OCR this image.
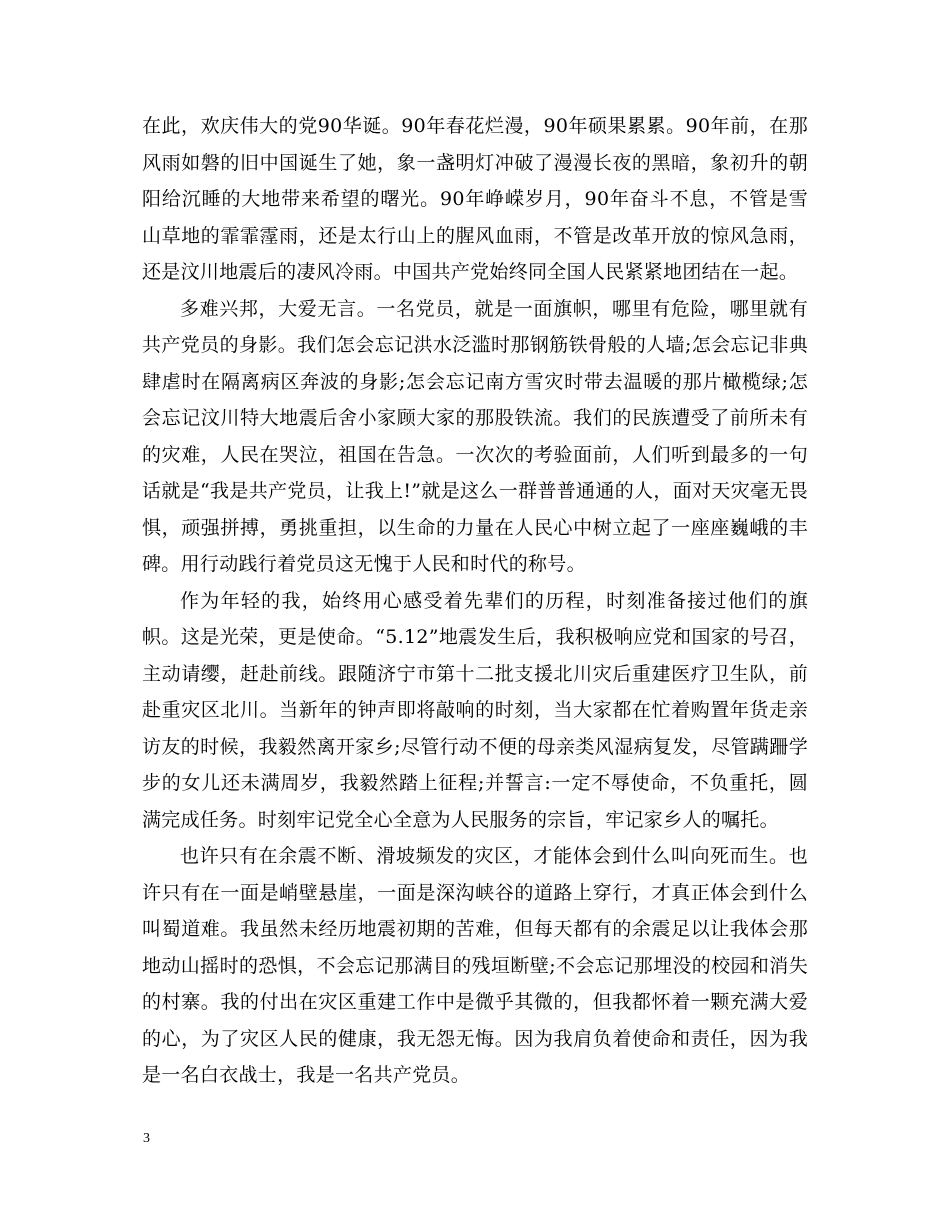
在此，欢庆伟大的党90华诞。90年春花烂漫，90年硕果累累。90年前，在那风雨如磐的旧中国诞生了她，象一盏明灯冲破了漫漫长夜的黑暗，象初升的朝阳给沉睡的大地带来希望的曙光。90年峥嵘岁月，90年奋斗不息，不管是雪山草地的霏霏霪雨，还是太行山上的腥风血雨，不管是改革开放的惊风急雨，还是汶川地震后的凄风冷雨。中国共产党始终同全国人民紧紧地团结在一起。

多难兴邦，大爱无言。一名党员，就是一面旗帜，哪里有危险，哪里就有共产党员的身影。我们怎会忘记洪水泛滥时那钢筋铁骨般的人墙;怎会忘记非典肆虐时在隔离病区奔波的身影;怎会忘记南方雪灾时带去温暖的那片橄榄绿;怎会忘记汶川特大地震后舍小家顾大家的那股铁流。我们的民族遭受了前所未有的灾难，人民在哭泣，祖国在告急。一次次的考验面前，人们听到最多的一句话就是“我是共产党员，让我上!”就是这么一群普普通通的人，面对天灾毫无畏惧，顽强拼搏，勇挑重担，以生命的力量在人民心中树立起了一座座巍峨的丰碑。用行动践行着党员这无愧于人民和时代的称号。

作为年轻的我，始终用心感受着先辈们的历程，时刻准备接过他们的旗帜。这是光荣，更是使命。“5.12”地震发生后，我积极响应党和国家的号召，主动请缨，赶赴前线。跟随济宁市第十二批支援北川灾后重建医疗卫生队，前赴重灾区北川。当新年的钟声即将敲响的时刻，当大家都在忙着购置年货走亲访友的时候，我毅然离开家乡;尽管行动不便的母亲类风湿病复发，尽管蹒跚学步的女儿还未满周岁，我毅然踏上征程;并誓言:一定不辱使命，不负重托，圆满完成任务。时刻牢记党全心全意为人民服务的宗旨，牢记家乡人的嘱托。

也许只有在余震不断、滑坡频发的灾区，才能体会到什么叫向死而生。也许只有在一面是峭壁悬崖，一面是深沟峡谷的道路上穿行，才真正体会到什么叫蜀道难。我虽然未经历地震初期的苦难，但每天都有的余震足以让我体会那地动山摇时的恐惧，不会忘记那满目的残垣断壁;不会忘记那埋没的校园和消失的村寨。我的付出在灾区重建工作中是微乎其微的，但我都怀着一颗充满大爱的心，为了灾区人民的健康，我无怨无悔。因为我肩负着使命和责任，因为我是一名白衣战士，我是一名共产党员。

3
